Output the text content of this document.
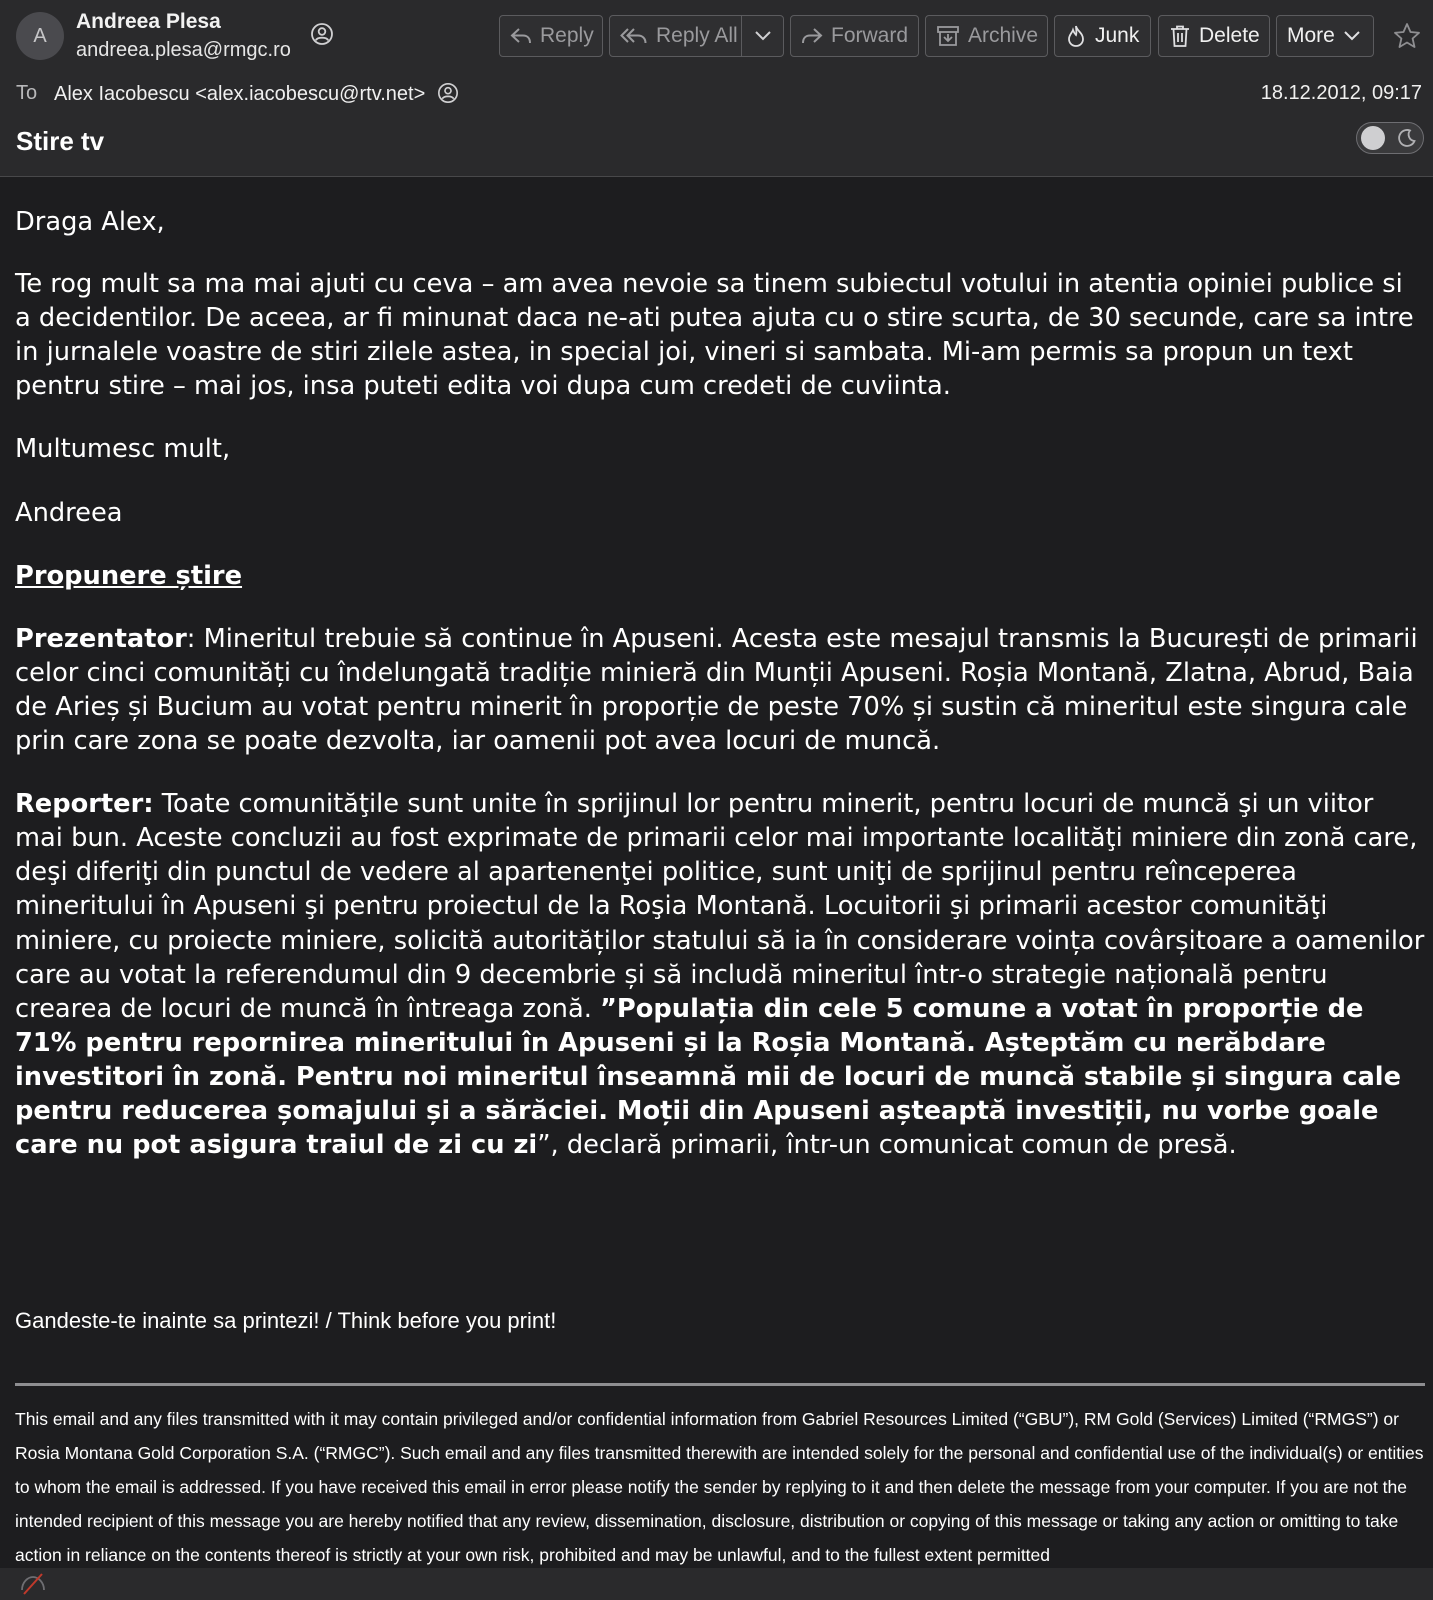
A
Andreea Plesa
andreea.plesa@rmgc.ro
Reply	Reply All	Forward	Archive	Junk	Delete More
To Alex Iacobescu <alex.iacobescu@rtv.net>	18.12.2012, 09:17
Stire tv

Draga Alex,

Te rog mult sa ma mai ajuti cu ceva – am avea nevoie sa tinem subiectul votului in atentia opiniei publice si a decidentilor. De aceea, ar fi minunat daca ne-ati putea ajuta cu o stire scurta, de 30 secunde, care sa intre in jurnalele voastre de stiri zilele astea, in special joi, vineri si sambata. Mi-am permis sa propun un text pentru stire – mai jos, insa puteti edita voi dupa cum credeti de cuviinta.

Multumesc mult,

Andreea

Propunere știre

Prezentator: Mineritul trebuie să continue în Apuseni. Acesta este mesajul transmis la București de primarii celor cinci comunități cu îndelungată tradiție minieră din Munții Apuseni. Roșia Montană, Zlatna, Abrud, Baia de Arieș și Bucium au votat pentru minerit în proporție de peste 70% și sustin că mineritul este singura cale prin care zona se poate dezvolta, iar oamenii pot avea locuri de muncă.

Reporter: Toate comunităţile sunt unite în sprijinul lor pentru minerit, pentru locuri de muncă şi un viitor mai bun. Aceste concluzii au fost exprimate de primarii celor mai importante localităţi miniere din zonă care, deşi diferiţi din punctul de vedere al apartenenţei politice, sunt uniţi de sprijinul pentru reînceperea mineritului în Apuseni şi pentru proiectul de la Roşia Montană. Locuitorii şi primarii acestor comunităţi miniere, cu proiecte miniere, solicită autorităților statului să ia în considerare voința covârșitoare a oamenilor care au votat la referendumul din 9 decembrie și să includă mineritul într-o strategie națională pentru crearea de locuri de muncă în întreaga zonă. ”Populația din cele 5 comune a votat în proporție de 71% pentru repornirea mineritului în Apuseni și la Roșia Montană. Așteptăm cu nerăbdare investitori în zonă. Pentru noi mineritul înseamnă mii de locuri de muncă stabile și singura cale pentru reducerea șomajului și a sărăciei. Moții din Apuseni așteaptă investiții, nu vorbe goale care nu pot asigura traiul de zi cu zi”, declară primarii, într-un comunicat comun de presă.

Gandeste-te inainte sa printezi! / Think before you print!
This email and any files transmitted with it may contain privileged and/or confidential information from Gabriel Resources Limited (“GBU”), RM Gold (Services) Limited (“RMGS”) or Rosia Montana Gold Corporation S.A. (“RMGC”). Such email and any files transmitted therewith are intended solely for the personal and confidential use of the individual(s) or entities to whom the email is addressed. If you have received this email in error please notify the sender by replying to it and then delete the message from your computer. If you are not the intended recipient of this message you are hereby notified that any review, dissemination, disclosure, distribution or copying of this message or taking any action or omitting to take action in reliance on the contents thereof is strictly at your own risk, prohibited and may be unlawful, and to the fullest extent permitted
